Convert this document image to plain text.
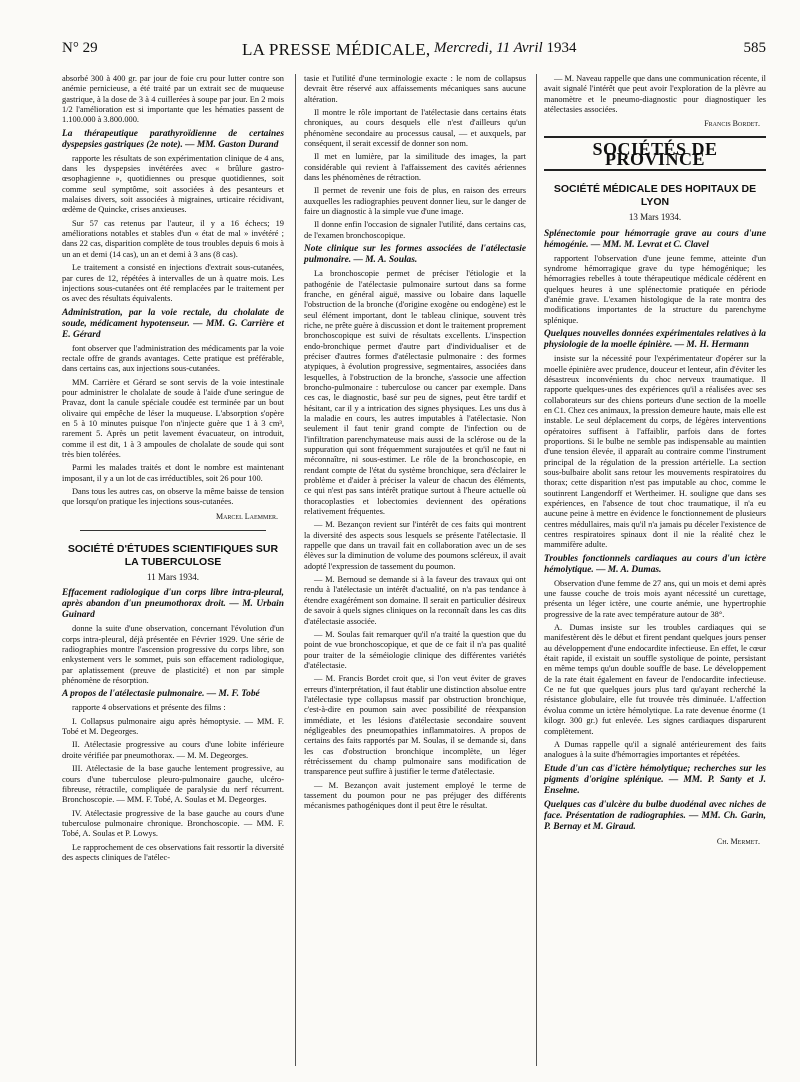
N° 29	LA PRESSE MÉDICALE, Mercredi, 11 Avril 1934	585

absorbé 300 à 400 gr. par jour de foie cru pour lutter contre son anémie pernicieuse, a été traité par un extrait sec de muqueuse gastrique, à la dose de 3 à 4 cuillerées à soupe par jour. En 2 mois 1/2 l'amélioration est si importante que les hématies passent de 1.100.000 à 3.800.000.

La thérapeutique parathyroïdienne de certaines dyspepsies gastriques (2e note). — MM. Gaston Durand

rapporte les résultats de son expérimentation clinique de 4 ans, dans les dyspepsies invétérées avec « brûlure gastro-œsophagienne », quotidiennes ou presque quotidiennes, soit comme seul symptôme, soit associées à des pesanteurs et malaises divers, soit associées à migraines, urticaire récidivant, œdème de Quincke, crises anxieuses.

Sur 57 cas retenus par l'auteur, il y a 16 échecs; 19 améliorations notables et stables d'un « état de mal » invétéré ; dans 22 cas, disparition complète de tous troubles depuis 6 mois à un an et demi (14 cas), un an et demi à 3 ans (8 cas).

Le traitement a consisté en injections d'extrait sous-cutanées, par cures de 12, répétées à intervalles de un à quatre mois. Les injections sous-cutanées ont été remplacées par le traitement per os avec des résultats équivalents.

Administration, par la voie rectale, du cholalate de soude, médicament hypotenseur. — MM. G. Carrière et E. Gérard

font observer que l'administration des médicaments par la voie rectale offre de grands avantages. Cette pratique est préférable, dans certains cas, aux injections sous-cutanées.

MM. Carrière et Gérard se sont servis de la voie intestinale pour administrer le cholalate de soude à l'aide d'une seringue de Pravaz, dont la canule spéciale coudée est terminée par un bout olivaire qui empêche de léser la muqueuse. L'absorption s'opère en 5 à 10 minutes puisque l'on n'injecte guère que 1 à 3 cm³, rarement 5. Après un petit lavement évacuateur, on introduit, comme il est dit, 1 à 3 ampoules de cholalate de soude qui sont très bien tolérées.

Parmi les malades traités et dont le nombre est maintenant imposant, il y a un lot de cas irréductibles, soit 26 pour 100.

Dans tous les autres cas, on observe la même baisse de tension que lorsqu'on pratique les injections sous-cutanées.

Marcel Laemmer.

SOCIÉTÉ D'ÉTUDES SCIENTIFIQUES SUR LA TUBERCULOSE
11 Mars 1934.

Effacement radiologique d'un corps libre intra-pleural, après abandon d'un pneumothorax droit. — M. Urbain Guinard

donne la suite d'une observation, concernant l'évolution d'un corps intra-pleural, déjà présentée en Février 1929. Une série de radiographies montre l'ascension progressive du corps libre, son enkystement vers le sommet, puis son effacement radiologique, par aplatissement (preuve de plasticité) et non par simple phénomène de résorption.

A propos de l'atélectasie pulmonaire. — M. F. Tobé

rapporte 4 observations et présente des films :

I. Collapsus pulmonaire aigu après hémoptysie. — MM. F. Tobé et M. Degeorges.

II. Atélectasie progressive au cours d'une lobite inférieure droite vérifiée par pneumothorax. — M. M. Degeorges.

III. Atélectasie de la base gauche lentement progressive, au cours d'une tuberculose pleuro-pulmonaire gauche, ulcéro-fibreuse, rétractile, compliquée de paralysie du nerf récurrent. Bronchoscopie. — MM. F. Tobé, A. Soulas et M. Degeorges.

IV. Atélectasie progressive de la base gauche au cours d'une tuberculose pulmonaire chronique. Bronchoscopie. — MM. F. Tobé, A. Soulas et P. Lowys.

Le rapprochement de ces observations fait ressortir la diversité des aspects cliniques de l'atélec-

tasie et l'utilité d'une terminologie exacte : le nom de collapsus devrait être réservé aux affaissements mécaniques sans aucune altération.

Il montre le rôle important de l'atélectasie dans certains états chroniques, au cours desquels elle n'est d'ailleurs qu'un phénomène secondaire au processus causal, — et auxquels, par conséquent, il serait excessif de donner son nom.

Il met en lumière, par la similitude des images, la part considérable qui revient à l'affaissement des cavités aériennes dans les phénomènes de rétraction.

Il permet de revenir une fois de plus, en raison des erreurs auxquelles les radiographies peuvent donner lieu, sur le danger de faire un diagnostic à la simple vue d'une image.

Il donne enfin l'occasion de signaler l'utilité, dans certains cas, de l'examen bronchoscopique.

Note clinique sur les formes associées de l'atélectasie pulmonaire. — M. A. Soulas.

La bronchoscopie permet de préciser l'étiologie et la pathogénie de l'atélectasie pulmonaire surtout dans sa forme franche, en général aiguë, massive ou lobaire dans laquelle l'obstruction de la bronche (d'origine exogène ou endogène) est le seul élément important, dont le tableau clinique, souvent très riche, ne prête guère à discussion et dont le traitement proprement bronchoscopique est suivi de résultats excellents. L'inspection endo-bronchique permet d'autre part d'individualiser et de préciser d'autres formes d'atélectasie pulmonaire : des formes atypiques, à évolution progressive, segmentaires, associées dans lesquelles, à l'obstruction de la bronche, s'associe une affection broncho-pulmonaire : tuberculose ou cancer par exemple. Dans ces cas, le diagnostic, basé sur peu de signes, peut être tardif et hésitant, car il y a intrication des signes physiques. Les uns dus à la maladie en cours, les autres imputables à l'atélectasie. Non seulement il faut tenir grand compte de l'infection ou de l'infiltration parenchymateuse mais aussi de la sclérose ou de la suppuration qui sont fréquemment surajoutées et qu'il ne faut ni méconnaître, ni sous-estimer. Le rôle de la bronchoscopie, en rendant compte de l'état du système bronchique, sera d'éclairer le problème et d'aider à préciser la valeur de chacun des éléments, ce qui n'est pas sans intérêt pratique surtout à l'heure actuelle où thoracoplasties et lobectomies deviennent des opérations relativement fréquentes.

— M. Bezançon revient sur l'intérêt de ces faits qui montrent la diversité des aspects sous lesquels se présente l'atélectasie. Il rappelle que dans un travail fait en collaboration avec un de ses élèves sur la diminution de volume des poumons scléreux, il avait adopté l'expression de tassement du poumon.

— M. Bernoud se demande si à la faveur des travaux qui ont rendu à l'atélectasie un intérêt d'actualité, on n'a pas tendance à étendre exagérément son domaine. Il serait en particulier désireux de savoir à quels signes cliniques on la reconnaît dans les cas dits d'atélectasie associée.

— M. Soulas fait remarquer qu'il n'a traité la question que du point de vue bronchoscopique, et que de ce fait il n'a pas qualité pour traiter de la séméiologie clinique des différentes variétés d'atélectasie.

— M. Francis Bordet croit que, si l'on veut éviter de graves erreurs d'interprétation, il faut établir une distinction absolue entre l'atélectasie type collapsus massif par obstruction bronchique, c'est-à-dire en poumon sain avec possibilité de réexpansion immédiate, et les lésions d'atélectasie secondaire souvent négligeables des pneumopathies inflammatoires. A propos de certains des faits rapportés par M. Soulas, il se demande si, dans les cas d'obstruction bronchique incomplète, un léger rétrécissement du champ pulmonaire sans modification de transparence peut suffire à justifier le terme d'atélectasie.

— M. Bezançon avait justement employé le terme de tassement du poumon pour ne pas préjuger des différents mécanismes pathogéniques dont il peut être le résultat.

— M. Naveau rappelle que dans une communication récente, il avait signalé l'intérêt que peut avoir l'exploration de la plèvre au manomètre et le pneumo-diagnostic pour diagnostiquer les atélectasies associées.

Francis Bordet.

SOCIÉTÉS DE PROVINCE
SOCIÉTÉ MÉDICALE DES HOPITAUX DE LYON
13 Mars 1934.

Splénectomie pour hémorragie grave au cours d'une hémogénie. — MM. M. Levrat et C. Clavel

rapportent l'observation d'une jeune femme, atteinte d'un syndrome hémorragique grave du type hémogénique; les hémorragies rebelles à toute thérapeutique médicale cédèrent en quelques heures à une splénectomie pratiquée en période d'anémie grave. L'examen histologique de la rate montra des modifications importantes de la structure du parenchyme splénique.

Quelques nouvelles données expérimentales relatives à la physiologie de la moelle épinière. — M. H. Hermann

insiste sur la nécessité pour l'expérimentateur d'opérer sur la moelle épinière avec prudence, douceur et lenteur, afin d'éviter les désastreux inconvénients du choc nerveux traumatique. Il rapporte quelques-unes des expériences qu'il a réalisées avec ses collaborateurs sur des chiens porteurs d'une section de la moelle en C1. Chez ces animaux, la pression demeure haute, mais elle est instable. Le seul déplacement du corps, de légères interventions opératoires suffisent à l'affaiblir, parfois dans de fortes proportions. Si le bulbe ne semble pas indispensable au maintien d'une tension élevée, il apparaît au contraire comme l'instrument principal de la régulation de la pression artérielle. La section sous-bulbaire abolit sans retour les mouvements respiratoires du thorax; cette disparition n'est pas imputable au choc, comme le soutinrent Langendorff et Wertheimer. H. souligne que dans ses expériences, en l'absence de tout choc traumatique, il n'a eu aucune peine à mettre en évidence le fonctionnement de plusieurs centres médullaires, mais qu'il n'a jamais pu déceler l'existence de centres respiratoires spinaux dont il nie la réalité chez le mammifère adulte.

Troubles fonctionnels cardiaques au cours d'un ictère hémolytique. — M. A. Dumas.

Observation d'une femme de 27 ans, qui un mois et demi après une fausse couche de trois mois ayant nécessité un curettage, présenta un léger ictère, une courte anémie, une hypertrophie progressive de la rate avec température autour de 38°.

A. Dumas insiste sur les troubles cardiaques qui se manifestèrent dès le début et firent pendant quelques jours penser au développement d'une endocardite infectieuse. En effet, le cœur était rapide, il existait un souffle systolique de pointe, persistant en même temps qu'un double souffle de base. Le développement de la rate était également en faveur de l'endocardite infectieuse. Ce ne fut que quelques jours plus tard qu'ayant recherché la résistance globulaire, elle fut trouvée très diminuée. L'affection évolua comme un ictère hémolytique. La rate devenue énorme (1 kilogr. 300 gr.) fut enlevée. Les signes cardiaques disparurent complètement.

A Dumas rappelle qu'il a signalé antérieurement des faits analogues à la suite d'hémorragies importantes et répétées.

Etude d'un cas d'ictère hémolytique; recherches sur les pigments d'origine splénique. — MM. P. Santy et J. Enselme.

Quelques cas d'ulcère du bulbe duodénal avec niches de face. Présentation de radiographies. — MM. Ch. Garin, P. Bernay et M. Giraud.

Ch. Mermet.
